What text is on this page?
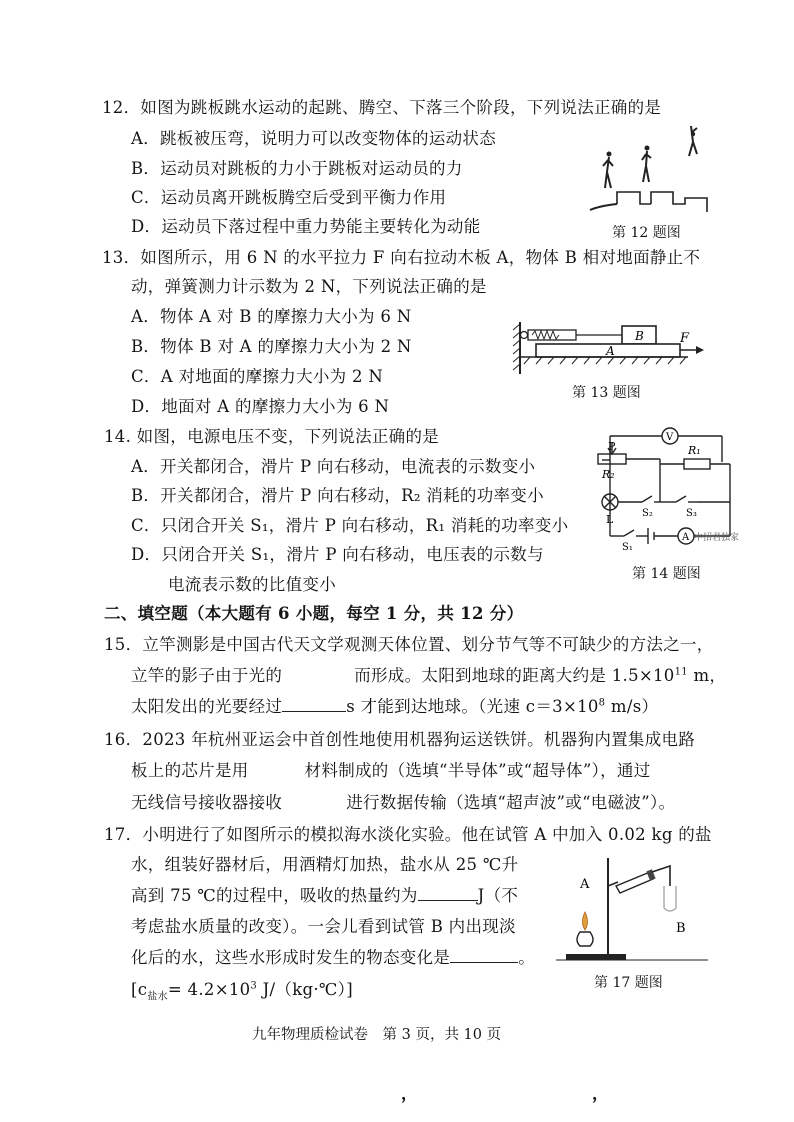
12．如图为跳板跳水运动的起跳、腾空、下落三个阶段，下列说法正确的是
A．跳板被压弯，说明力可以改变物体的运动状态
B．运动员对跳板的力小于跳板对运动员的力
C．运动员离开跳板腾空后受到平衡力作用
D．运动员下落过程中重力势能主要转化为动能	第 12 题图
13．如图所示，用 6 N 的水平拉力 F 向右拉动木板 A，物体 B 相对地面静止不
动，弹簧测力计示数为 2 N，下列说法正确的是
A．物体 A 对 B 的摩擦力大小为 6 N
B．物体 B 对 A 的摩擦力大小为 2 N
C．A 对地面的摩擦力大小为 2 N
D．地面对 A 的摩擦力大小为 6 N
B
A
F
第 13 题图
14. 如图，电源电压不变，下列说法正确的是
A．开关都闭合，滑片 P 向右移动，电流表的示数变小
B．开关都闭合，滑片 P 向右移动，R₂ 消耗的功率变小
C．只闭合开关 S₁，滑片 P 向右移动，R₁ 消耗的功率变小
D．只闭合开关 S₁，滑片 P 向右移动，电压表的示数与
电流表示数的比值变小
V
A
P
R₂
R₁
L	S₂	S₃
S₁
中招君独家
第 14 题图
二、填空题（本大题有 6 小题，每空 1 分，共 12 分）
15．立竿测影是中国古代天文学观测天体位置、划分节气等不可缺少的方法之一，
立竿的影子由于光的	而形成。太阳到地球的距离大约是 $1.5\times 10^{11}$ m，
太阳发出的光要经过	s 才能到达地球。（光速 $c=3\times 10^8$ m/s）
16．2023 年杭州亚运会中首创性地使用机器狗运送铁饼。机器狗内置集成电路
板上的芯片是用	材料制成的（选填“半导体”或“超导体”），通过
无线信号接收器接收	进行数据传输（选填“超声波”或“电磁波”）。
17．小明进行了如图所示的模拟海水淡化实验。他在试管 A 中加入 0.02 kg 的盐
水，组装好器材后，用酒精灯加热，盐水从 25 ℃升
高到 75 ℃的过程中，吸收的热量约为	J（不
考虑盐水质量的改变）。一会儿看到试管 B 内出现淡
化后的水，这些水形成时发生的物态变化是	。
[$c_{盐水}= 4.2\times 10^3$ J/（kg·℃）]
A
B
第 17 题图
九年物理质检试卷　第 3 页，共 10 页
，	，
